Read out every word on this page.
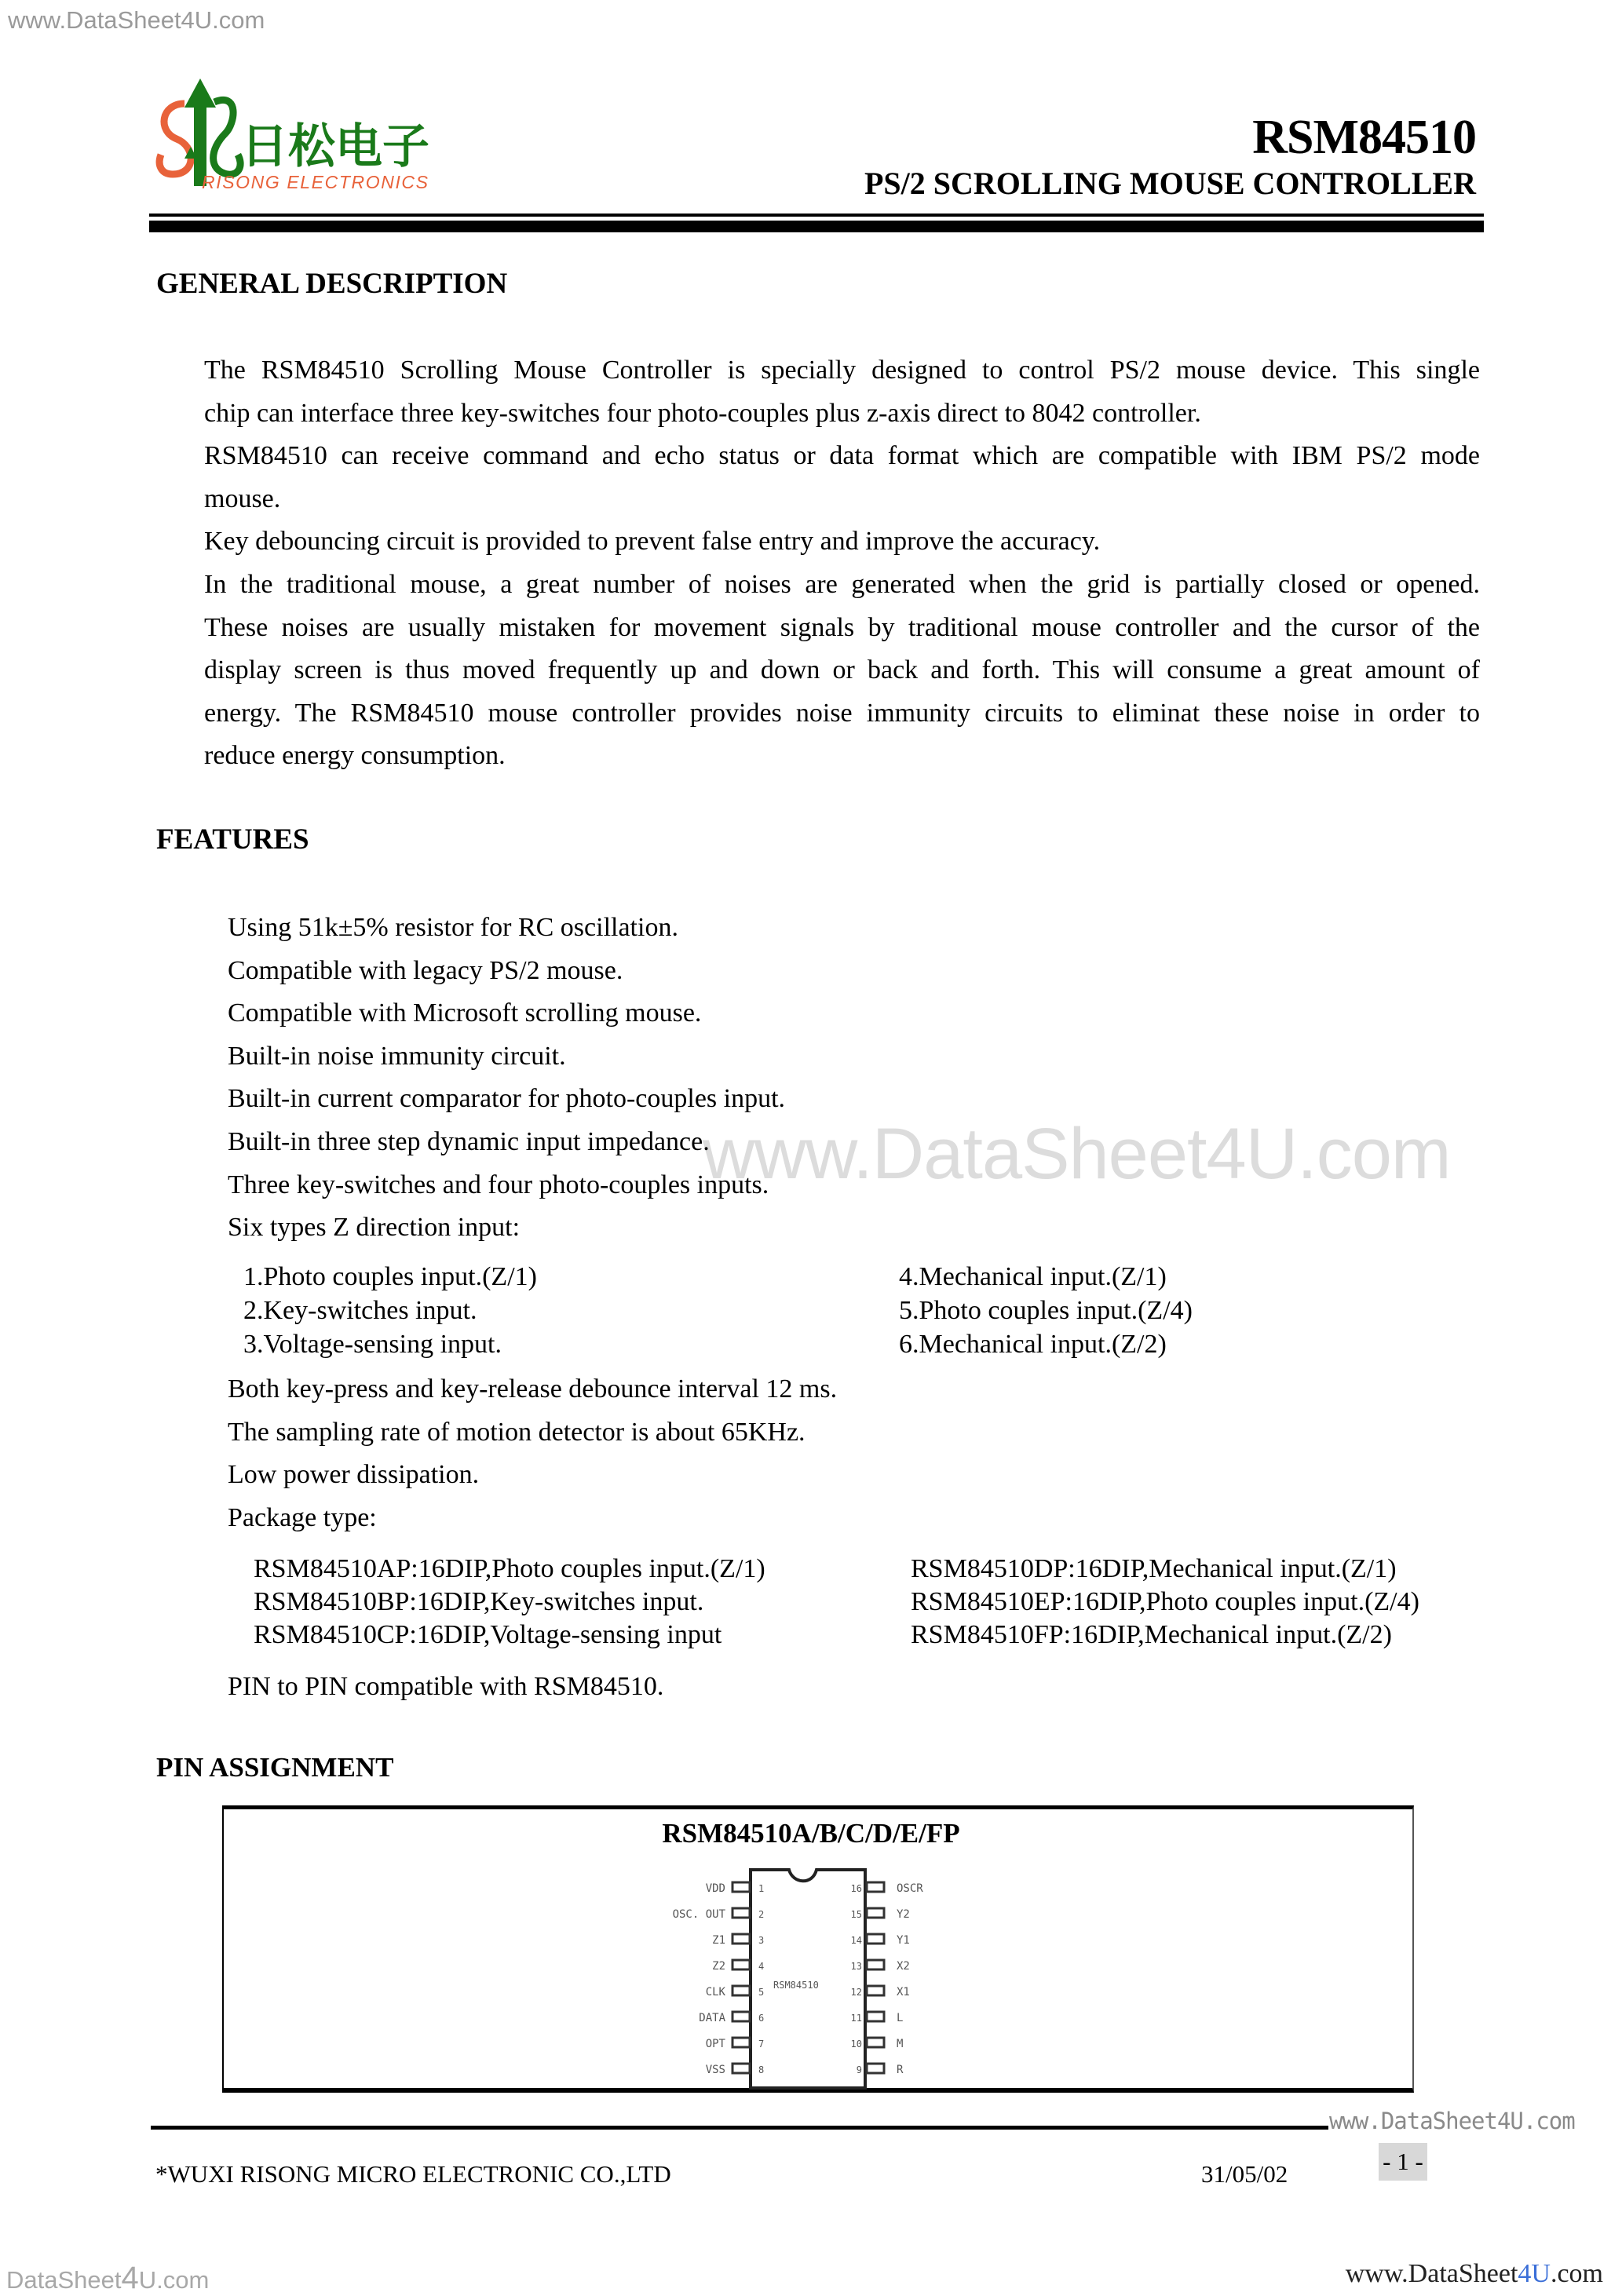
www.DataSheet4U.com
www.DataSheet4U.com
日松电子
RISONG ELECTRONICS
RSM84510
PS/2 SCROLLING MOUSE CONTROLLER
GENERAL DESCRIPTION
The RSM84510 Scrolling Mouse Controller is specially designed to control PS/2 mouse device. This single
chip can interface three key-switches four photo-couples plus z-axis direct to 8042 controller.
RSM84510 can receive command and echo status or data format which are compatible with IBM PS/2 mode
mouse.
Key debouncing circuit is provided to prevent false entry and improve the accuracy.
In the traditional mouse, a great number of noises are generated when the grid is partially closed or opened.
These noises are usually mistaken for movement signals by traditional mouse controller and the cursor of the
display screen is thus moved frequently up and down or back and forth. This will consume a great amount of
energy. The RSM84510 mouse controller provides noise immunity circuits to eliminat these noise in order to
reduce energy consumption.
FEATURES
Using 51k±5% resistor for RC oscillation.
Compatible with legacy PS/2 mouse.
Compatible with Microsoft scrolling mouse.
Built-in noise immunity circuit.
Built-in current comparator for photo-couples input.
Built-in three step dynamic input impedance.
Three key-switches and four photo-couples inputs.
Six types Z direction input:
1.Photo couples input.(Z/1)
2.Key-switches input.
3.Voltage-sensing input.
4.Mechanical input.(Z/1)
5.Photo couples input.(Z/4)
6.Mechanical input.(Z/2)
Both key-press and key-release debounce interval 12 ms.
The sampling rate of motion detector is about 65KHz.
Low power dissipation.
Package type:
RSM84510AP:16DIP,Photo couples input.(Z/1)
RSM84510BP:16DIP,Key-switches input.
RSM84510CP:16DIP,Voltage-sensing input
RSM84510DP:16DIP,Mechanical input.(Z/1)
RSM84510EP:16DIP,Photo couples input.(Z/4)
RSM84510FP:16DIP,Mechanical input.(Z/2)
PIN to PIN compatible with RSM84510.
PIN ASSIGNMENT
RSM84510A/B/C/D/E/FP
RSM84510
VDD
OSC. OUT
Z1
Z2
CLK
DATA
OPT
VSS
1
2
3
4
5
6
7
8
16
15
14
13
12
11
10
9
OSCR
Y2
Y1
X2
X1
L
M
R
www.DataSheet4U.com
*WUXI RISONG MICRO ELECTRONIC CO.,LTD	31/05/02	- 1 -
DataSheet4U.com	www.DataSheet4U.com
